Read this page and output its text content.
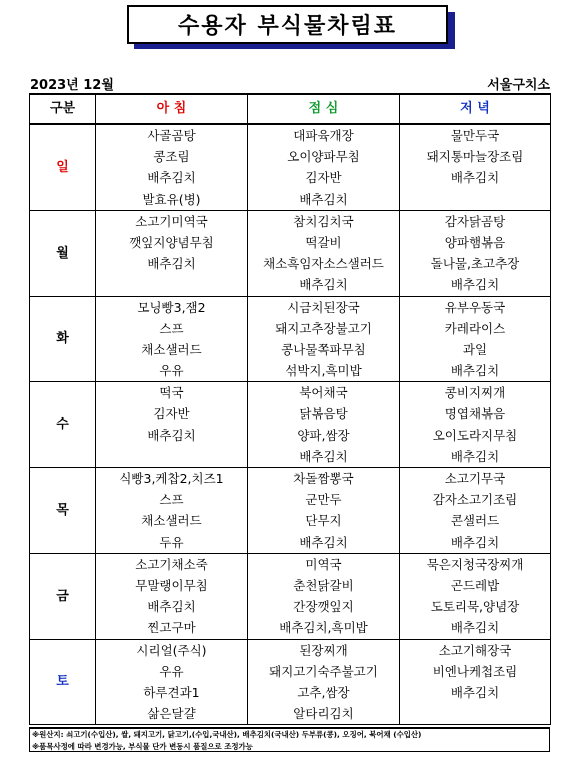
수용자 부식물차림표
2023년 12월	서울구치소
구분	아 침	점 심	저 녁
일	사골곰탕
콩조림
배추김치
발효유(병)	대파육개장
오이양파무침
김자반
배추김치	물만두국
돼지통마늘장조림
배추김치

월	소고기미역국
깻잎지양념무침
배추김치	참치김치국
떡갈비
채소흑임자소스샐러드
배추김치	감자닭곰탕
양파햄볶음
돌나물,초고추장
배추김치

화	모닝빵3,잼2
스프
채소샐러드
우유	시금치된장국
돼지고추장불고기
콩나물쪽파무침
섞박지,흑미밥	유부우동국
카레라이스
과일
배추김치

수	떡국
김자반
배추김치	북어채국
닭볶음탕
양파,쌈장
배추김치	콩비지찌개
명엽채볶음
오이도라지무침
배추김치

목	식빵3,케찹2,치즈1
스프
채소샐러드
두유	차돌짬뽕국
군만두
단무지
배추김치	소고기무국
감자소고기조림
콘샐러드
배추김치

금	소고기채소죽
무말랭이무침
배추김치
찐고구마	미역국
춘천닭갈비
간장깻잎지
배추김치,흑미밥	묵은지청국장찌개
곤드레밥
도토리묵,양념장
배추김치

토	시리얼(주식)
우유
하루견과1
삶은달걀	된장찌개
돼지고기숙주불고기
고추,쌈장
알타리김치	소고기해장국
비엔나케첩조림
배추김치
※원산지: 쇠고기(수입산), 쌀, 돼지고기, 닭고기,(수입,국내산), 배추김치(국내산) 두부류(콩), 오징어, 북어채 (수입산)
※품목사정에 따라 변경가능, 부식물 단가 변동시 품질으로 조정가능
